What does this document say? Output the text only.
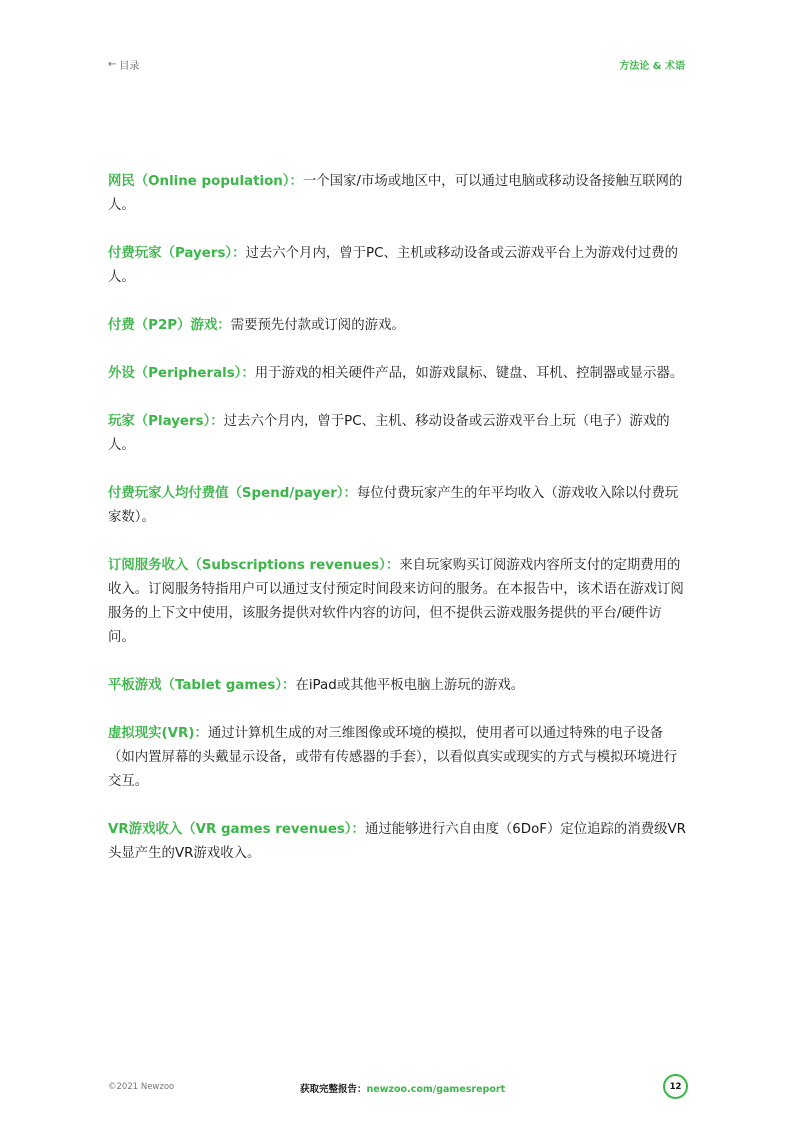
← 目录	方法论 & 术语

网民（Online population）：一个国家/市场或地区中，可以通过电脑或移动设备接触互联网的人。

付费玩家（Payers）：过去六个月内，曾于PC、主机或移动设备或云游戏平台上为游戏付过费的人。

付费（P2P）游戏：需要预先付款或订阅的游戏。

外设（Peripherals）：用于游戏的相关硬件产品，如游戏鼠标、键盘、耳机、控制器或显示器。

玩家（Players）：过去六个月内，曾于PC、主机、移动设备或云游戏平台上玩（电子）游戏的人。

付费玩家人均付费值（Spend/payer）：每位付费玩家产生的年平均收入（游戏收入除以付费玩家数）。

订阅服务收入（Subscriptions revenues）：来自玩家购买订阅游戏内容所支付的定期费用的收入。订阅服务特指用户可以通过支付预定时间段来访问的服务。在本报告中，该术语在游戏订阅服务的上下文中使用，该服务提供对软件内容的访问，但不提供云游戏服务提供的平台/硬件访问。

平板游戏（Tablet games）：在iPad或其他平板电脑上游玩的游戏。

虚拟现实(VR)：通过计算机生成的对三维图像或环境的模拟，使用者可以通过特殊的电子设备（如内置屏幕的头戴显示设备，或带有传感器的手套），以看似真实或现实的方式与模拟环境进行交互。

VR游戏收入（VR games revenues）：通过能够进行六自由度（6DoF）定位追踪的消费级VR头显产生的VR游戏收入。

©2021 Newzoo	获取完整报告：newzoo.com/gamesreport	12
